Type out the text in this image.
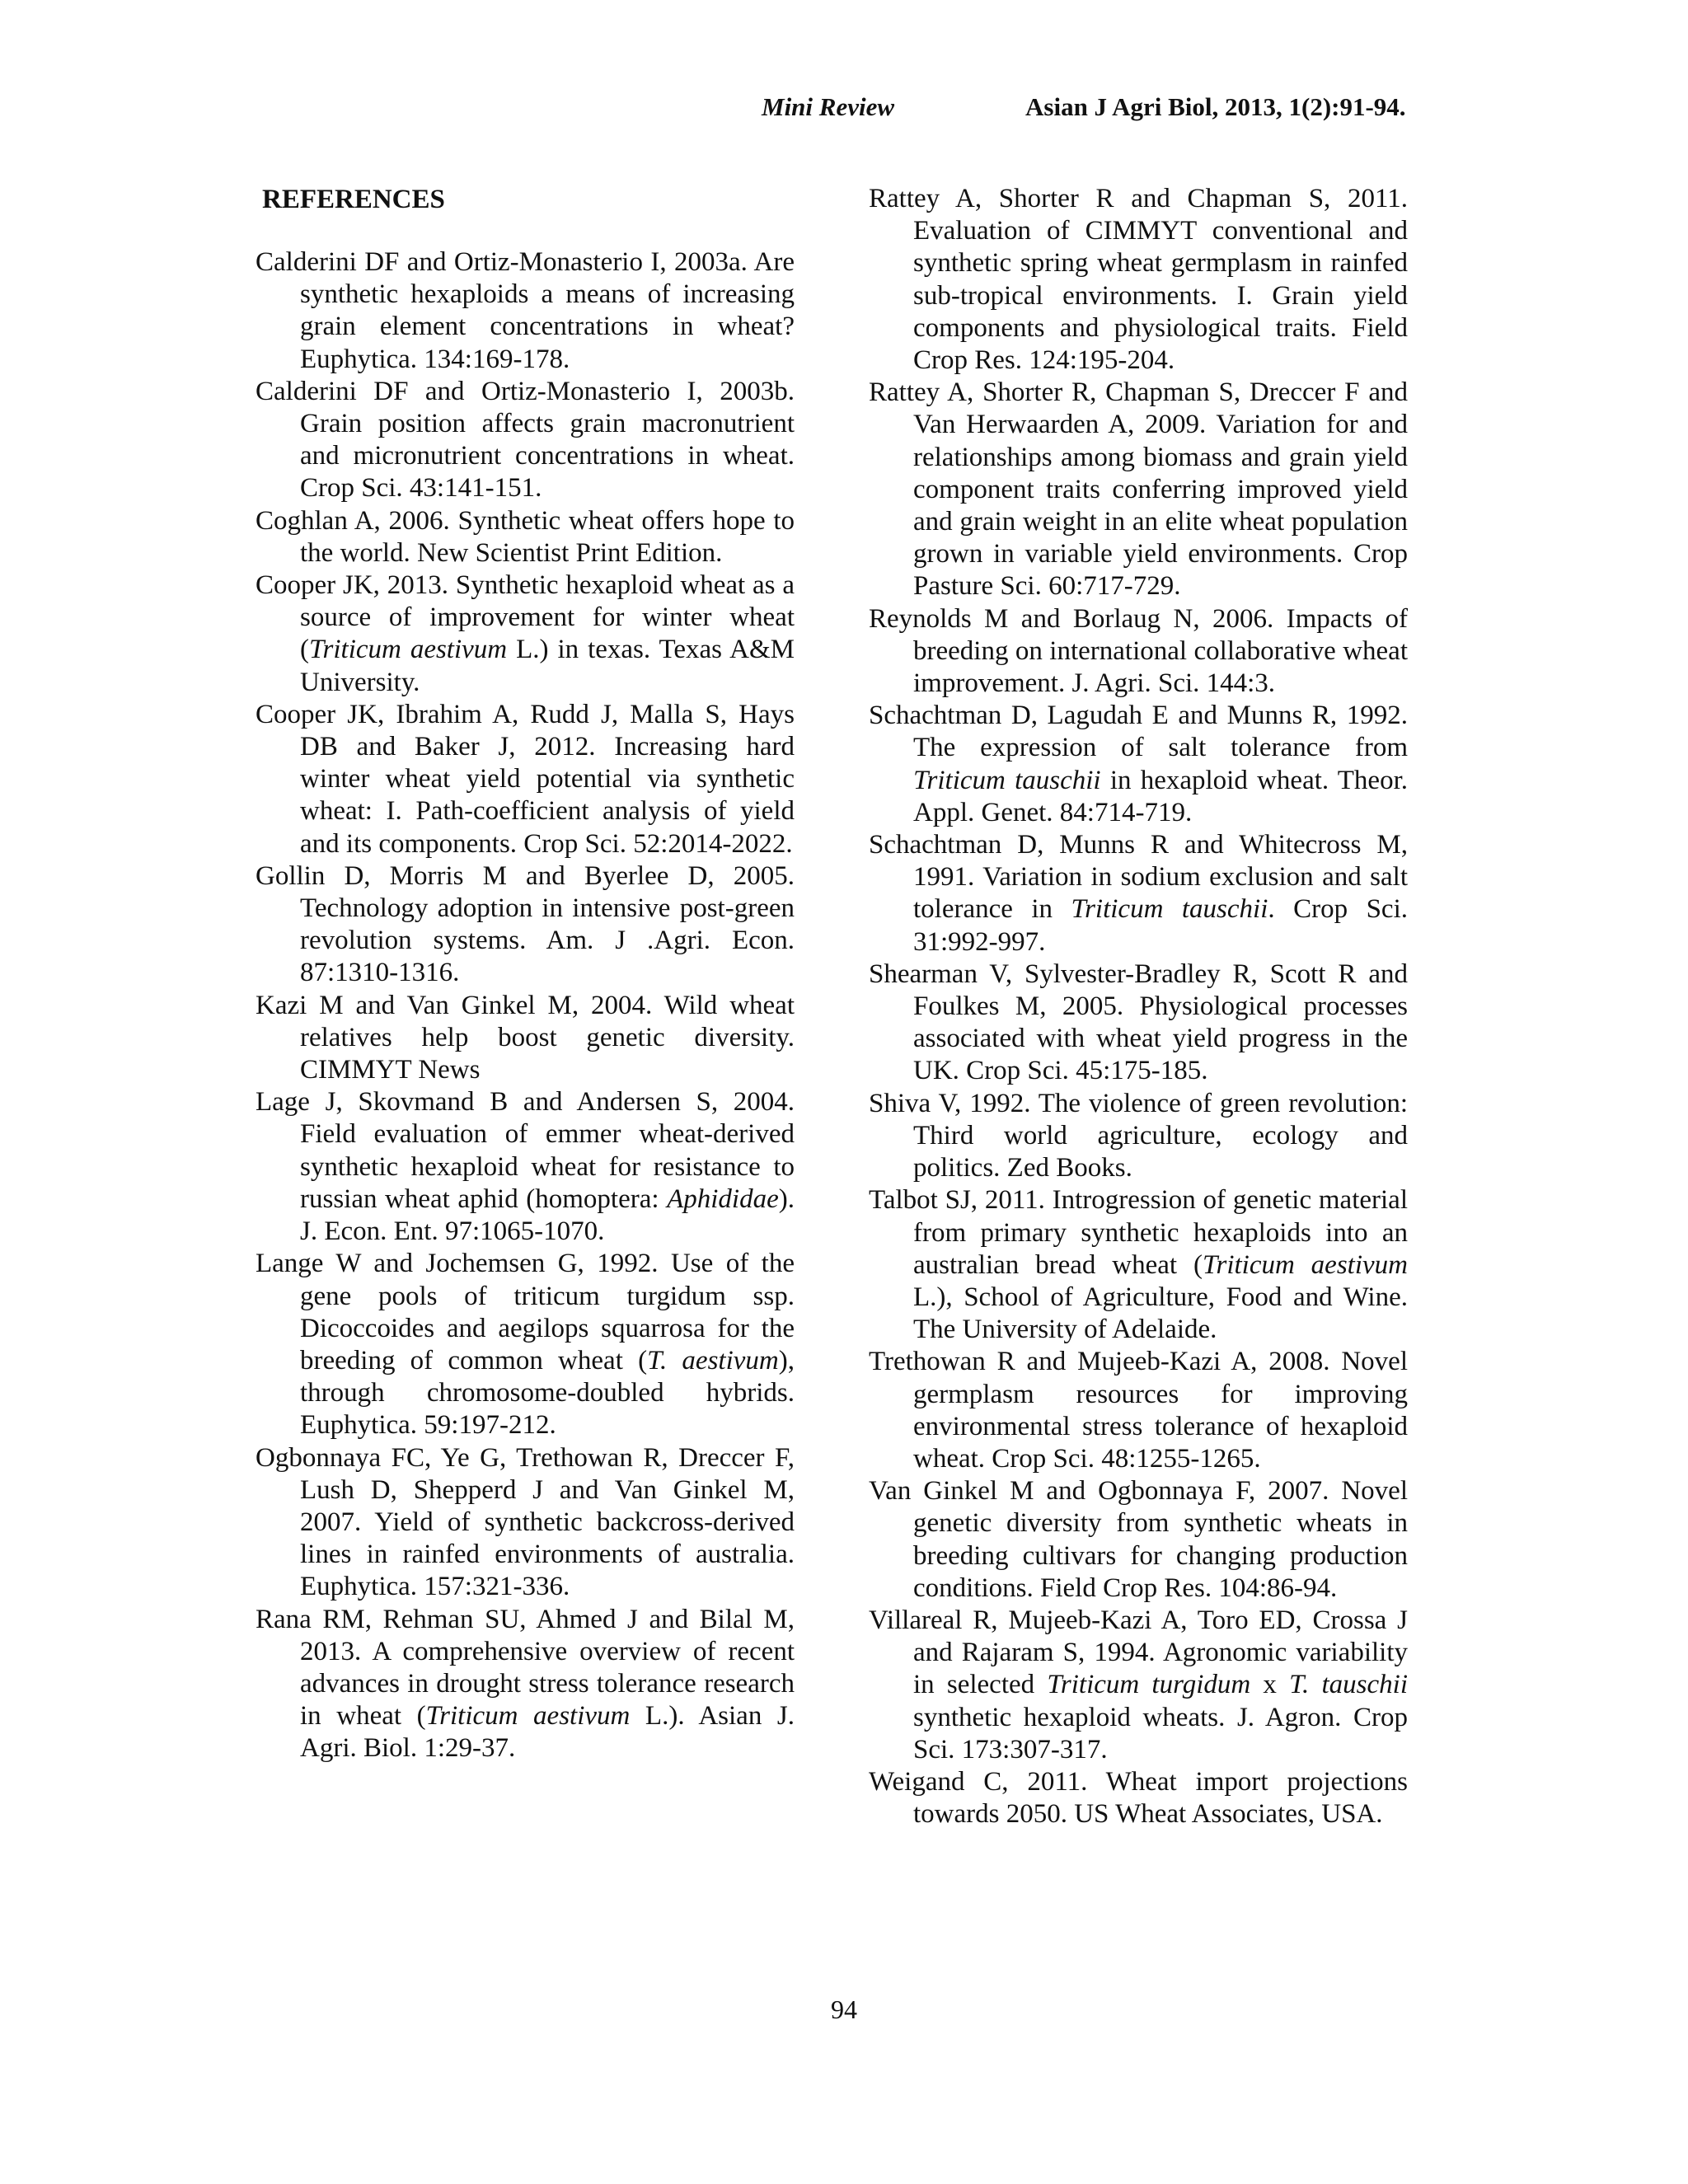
Mini Review	Asian J Agri Biol, 2013, 1(2):91-94.
REFERENCES

Calderini DF and Ortiz-Monasterio I, 2003a. Are synthetic hexaploids a means of increasing grain element concentrations in wheat? Euphytica. 134:169-178.

Calderini DF and Ortiz-Monasterio I, 2003b. Grain position affects grain macronutrient and micronutrient concentrations in wheat. Crop Sci. 43:141-151.

Coghlan A, 2006. Synthetic wheat offers hope to the world. New Scientist Print Edition.

Cooper JK, 2013. Synthetic hexaploid wheat as a source of improvement for winter wheat (Triticum aestivum L.) in texas. Texas A&M University.

Cooper JK, Ibrahim A, Rudd J, Malla S, Hays DB and Baker J, 2012. Increasing hard winter wheat yield potential via synthetic wheat: I. Path-coefficient analysis of yield and its components. Crop Sci. 52:2014-2022.

Gollin D, Morris M and Byerlee D, 2005. Technology adoption in intensive post-green revolution systems. Am. J .Agri. Econ. 87:1310-1316.

Kazi M and Van Ginkel M, 2004. Wild wheat relatives help boost genetic diversity. CIMMYT News

Lage J, Skovmand B and Andersen S, 2004. Field evaluation of emmer wheat-derived synthetic hexaploid wheat for resistance to russian wheat aphid (homoptera: Aphididae). J. Econ. Ent. 97:1065-1070.

Lange W and Jochemsen G, 1992. Use of the gene pools of triticum turgidum ssp. Dicoccoides and aegilops squarrosa for the breeding of common wheat (T. aestivum), through chromosome-doubled hybrids. Euphytica. 59:197-212.

Ogbonnaya FC, Ye G, Trethowan R, Dreccer F, Lush D, Shepperd J and Van Ginkel M, 2007. Yield of synthetic backcross-derived lines in rainfed environments of australia. Euphytica. 157:321-336.

Rana RM, Rehman SU, Ahmed J and Bilal M, 2013. A comprehensive overview of recent advances in drought stress tolerance research in wheat (Triticum aestivum L.). Asian J. Agri. Biol. 1:29-37.

Rattey A, Shorter R and Chapman S, 2011. Evaluation of CIMMYT conventional and synthetic spring wheat germplasm in rainfed sub-tropical environments. I. Grain yield components and physiological traits. Field Crop Res. 124:195-204.

Rattey A, Shorter R, Chapman S, Dreccer F and Van Herwaarden A, 2009. Variation for and relationships among biomass and grain yield component traits conferring improved yield and grain weight in an elite wheat population grown in variable yield environments. Crop Pasture Sci. 60:717-729.

Reynolds M and Borlaug N, 2006. Impacts of breeding on international collaborative wheat improvement. J. Agri. Sci. 144:3.

Schachtman D, Lagudah E and Munns R, 1992. The expression of salt tolerance from Triticum tauschii in hexaploid wheat. Theor. Appl. Genet. 84:714-719.

Schachtman D, Munns R and Whitecross M, 1991. Variation in sodium exclusion and salt tolerance in Triticum tauschii. Crop Sci. 31:992-997.

Shearman V, Sylvester-Bradley R, Scott R and Foulkes M, 2005. Physiological processes associated with wheat yield progress in the UK. Crop Sci. 45:175-185.

Shiva V, 1992. The violence of green revolution: Third world agriculture, ecology and politics. Zed Books.

Talbot SJ, 2011. Introgression of genetic material from primary synthetic hexaploids into an australian bread wheat (Triticum aestivum L.), School of Agriculture, Food and Wine. The University of Adelaide.

Trethowan R and Mujeeb-Kazi A, 2008. Novel germplasm resources for improving environmental stress tolerance of hexaploid wheat. Crop Sci. 48:1255-1265.

Van Ginkel M and Ogbonnaya F, 2007. Novel genetic diversity from synthetic wheats in breeding cultivars for changing production conditions. Field Crop Res. 104:86-94.

Villareal R, Mujeeb-Kazi A, Toro ED, Crossa J and Rajaram S, 1994. Agronomic variability in selected Triticum turgidum x T. tauschii synthetic hexaploid wheats. J. Agron. Crop Sci. 173:307-317.

Weigand C, 2011. Wheat import projections towards 2050. US Wheat Associates, USA.

94
